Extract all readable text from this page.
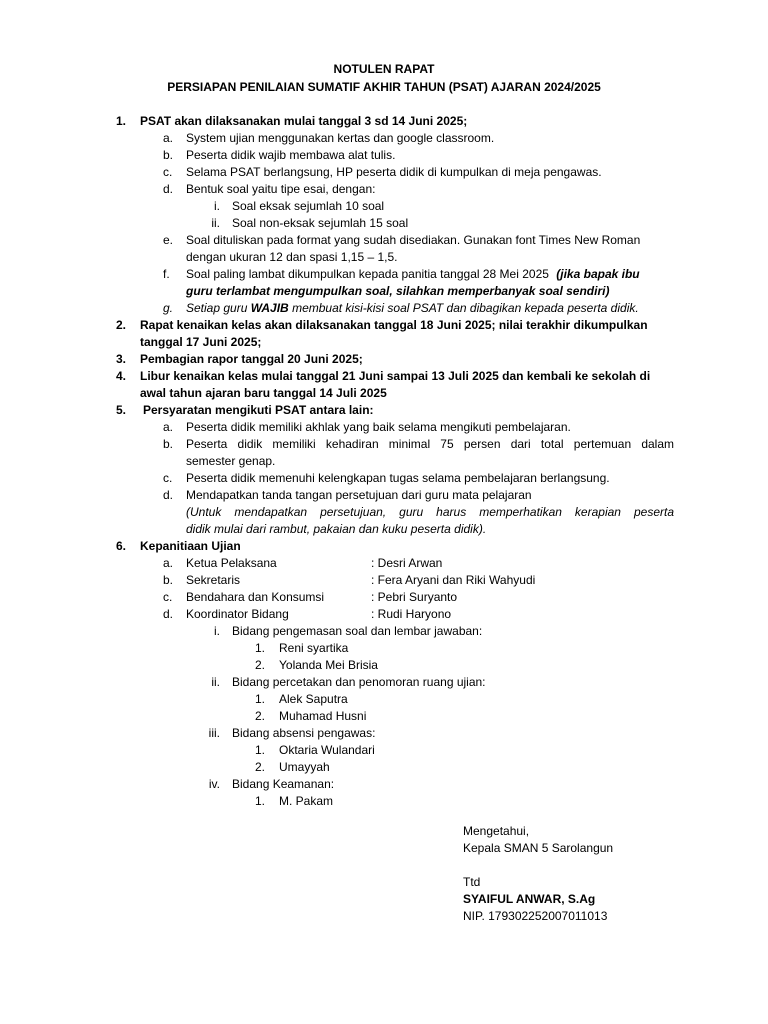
NOTULEN RAPAT
PERSIAPAN PENILAIAN SUMATIF AKHIR TAHUN (PSAT) AJARAN 2024/2025
1. PSAT akan dilaksanakan mulai tanggal 3 sd 14 Juni 2025;
a. System ujian menggunakan kertas dan google classroom.
b. Peserta didik wajib membawa alat tulis.
c. Selama PSAT berlangsung, HP peserta didik di kumpulkan di meja pengawas.
d. Bentuk soal yaitu tipe esai, dengan:
i. Soal eksak sejumlah 10 soal
ii. Soal non-eksak sejumlah 15 soal
e. Soal dituliskan pada format yang sudah disediakan. Gunakan font Times New Roman
dengan ukuran 12 dan spasi 1,15 – 1,5.
f. Soal paling lambat dikumpulkan kepada panitia tanggal 28 Mei 2025 (jika bapak ibu
guru terlambat mengumpulkan soal, silahkan memperbanyak soal sendiri)
g. Setiap guru WAJIB membuat kisi-kisi soal PSAT dan dibagikan kepada peserta didik.
2. Rapat kenaikan kelas akan dilaksanakan tanggal 18 Juni 2025; nilai terakhir dikumpulkan
tanggal 17 Juni 2025;
3. Pembagian rapor tanggal 20 Juni 2025;
4. Libur kenaikan kelas mulai tanggal 21 Juni sampai 13 Juli 2025 dan kembali ke sekolah di
awal tahun ajaran baru tanggal 14 Juli 2025
5. Persyaratan mengikuti PSAT antara lain:
a. Peserta didik memiliki akhlak yang baik selama mengikuti pembelajaran.
b. Peserta didik memiliki kehadiran minimal 75 persen dari total pertemuan dalam
semester genap.
c. Peserta didik memenuhi kelengkapan tugas selama pembelajaran berlangsung.
d. Mendapatkan tanda tangan persetujuan dari guru mata pelajaran
(Untuk mendapatkan persetujuan, guru harus memperhatikan kerapian peserta
didik mulai dari rambut, pakaian dan kuku peserta didik).
6. Kepanitiaan Ujian
a. Ketua Pelaksana	: Desri Arwan
b. Sekretaris	: Fera Aryani dan Riki Wahyudi
c. Bendahara dan Konsumsi	: Pebri Suryanto
d. Koordinator Bidang	: Rudi Haryono
i. Bidang pengemasan soal dan lembar jawaban:
1. Reni syartika
2. Yolanda Mei Brisia
ii. Bidang percetakan dan penomoran ruang ujian:
1. Alek Saputra
2. Muhamad Husni
iii. Bidang absensi pengawas:
1. Oktaria Wulandari
2. Umayyah
iv. Bidang Keamanan:
1. M. Pakam
Mengetahui,
Kepala SMAN 5 Sarolangun
Ttd
SYAIFUL ANWAR, S.Ag
NIP. 179302252007011013
